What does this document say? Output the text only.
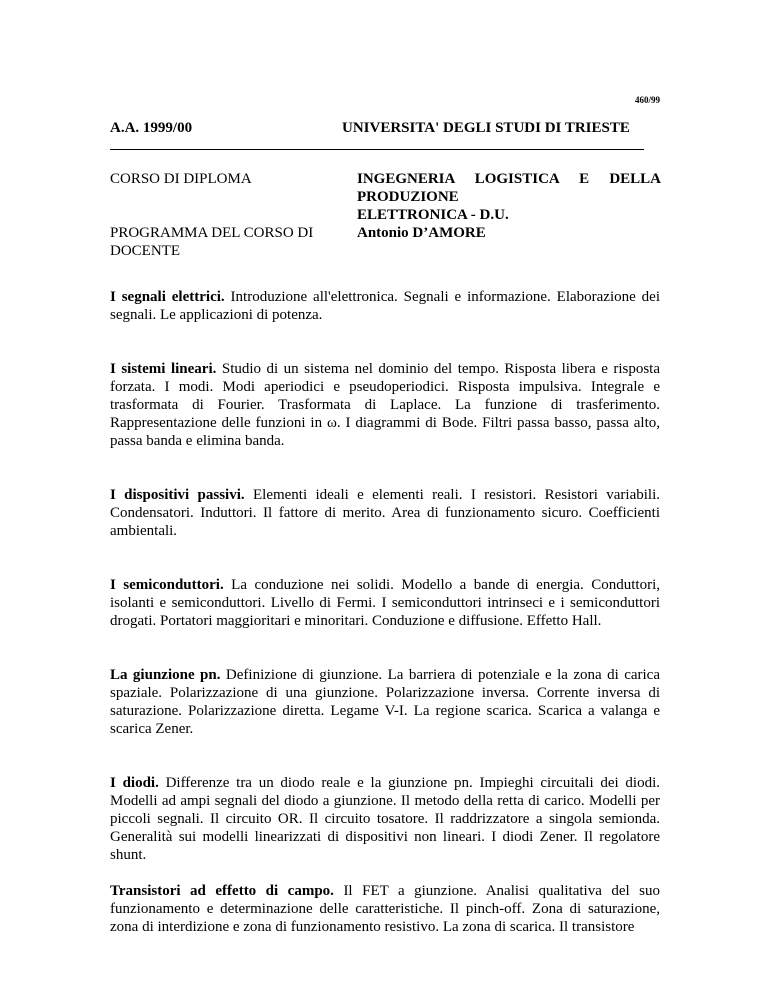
460/99
A.A. 1999/00	UNIVERSITA' DEGLI STUDI DI TRIESTE
CORSO DI DIPLOMA
PROGRAMMA DEL CORSO DI
DOCENTE
INGEGNERIA LOGISTICA E DELLA
PRODUZIONE
ELETTRONICA - D.U.
Antonio D’AMORE

I segnali elettrici. Introduzione all'elettronica. Segnali e informazione. Elaborazione dei segnali. Le applicazioni di potenza.

I sistemi lineari. Studio di un sistema nel dominio del tempo. Risposta libera e risposta forzata. I modi. Modi aperiodici e pseudoperiodici. Risposta impulsiva. Integrale e trasformata di Fourier. Trasformata di Laplace. La funzione di trasferimento. Rappresentazione delle funzioni in ω. I diagrammi di Bode. Filtri passa basso, passa alto, passa banda e elimina banda.

I dispositivi passivi. Elementi ideali e elementi reali. I resistori. Resistori variabili. Condensatori. Induttori. Il fattore di merito. Area di funzionamento sicuro. Coefficienti ambientali.

I semiconduttori. La conduzione nei solidi. Modello a bande di energia. Conduttori, isolanti e semiconduttori. Livello di Fermi. I semiconduttori intrinseci e i semiconduttori drogati. Portatori maggioritari e minoritari. Conduzione e diffusione. Effetto Hall.

La giunzione pn. Definizione di giunzione. La barriera di potenziale e la zona di carica spaziale. Polarizzazione di una giunzione. Polarizzazione inversa. Corrente inversa di saturazione. Polarizzazione diretta. Legame V-I. La regione scarica. Scarica a valanga e scarica Zener.

I diodi. Differenze tra un diodo reale e la giunzione pn. Impieghi circuitali dei diodi. Modelli ad ampi segnali del diodo a giunzione. Il metodo della retta di carico. Modelli per piccoli segnali. Il circuito OR. Il circuito tosatore. Il raddrizzatore a singola semionda. Generalità sui modelli linearizzati di dispositivi non lineari. I diodi Zener. Il regolatore shunt.

Transistori ad effetto di campo. Il FET a giunzione. Analisi qualitativa del suo funzionamento e determinazione delle caratteristiche. Il pinch-off. Zona di saturazione, zona di interdizione e zona di funzionamento resistivo. La zona di scarica. Il transistore
